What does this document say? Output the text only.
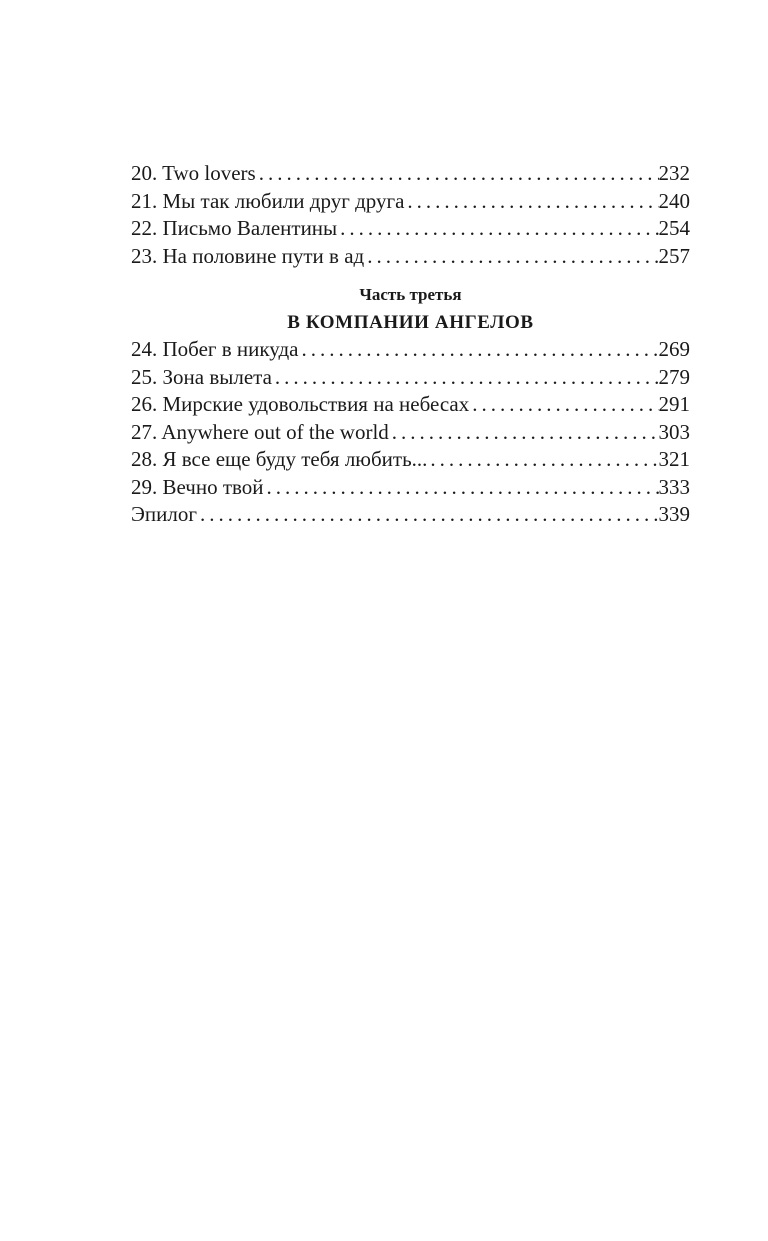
20. Two lovers .....	232
21. Мы так любили друг друга .....	240
22. Письмо Валентины .....	254
23. На половине пути в ад .....	257
Часть третья
В КОМПАНИИ АНГЕЛОВ
24. Побег в никуда .....	269
25. Зона вылета .....	279
26. Мирские удовольствия на небесах .....	291
27. Anywhere out of the world .....	303
28. Я все еще буду тебя любить... .....	321
29. Вечно твой .....	333
Эпилог .....	339
